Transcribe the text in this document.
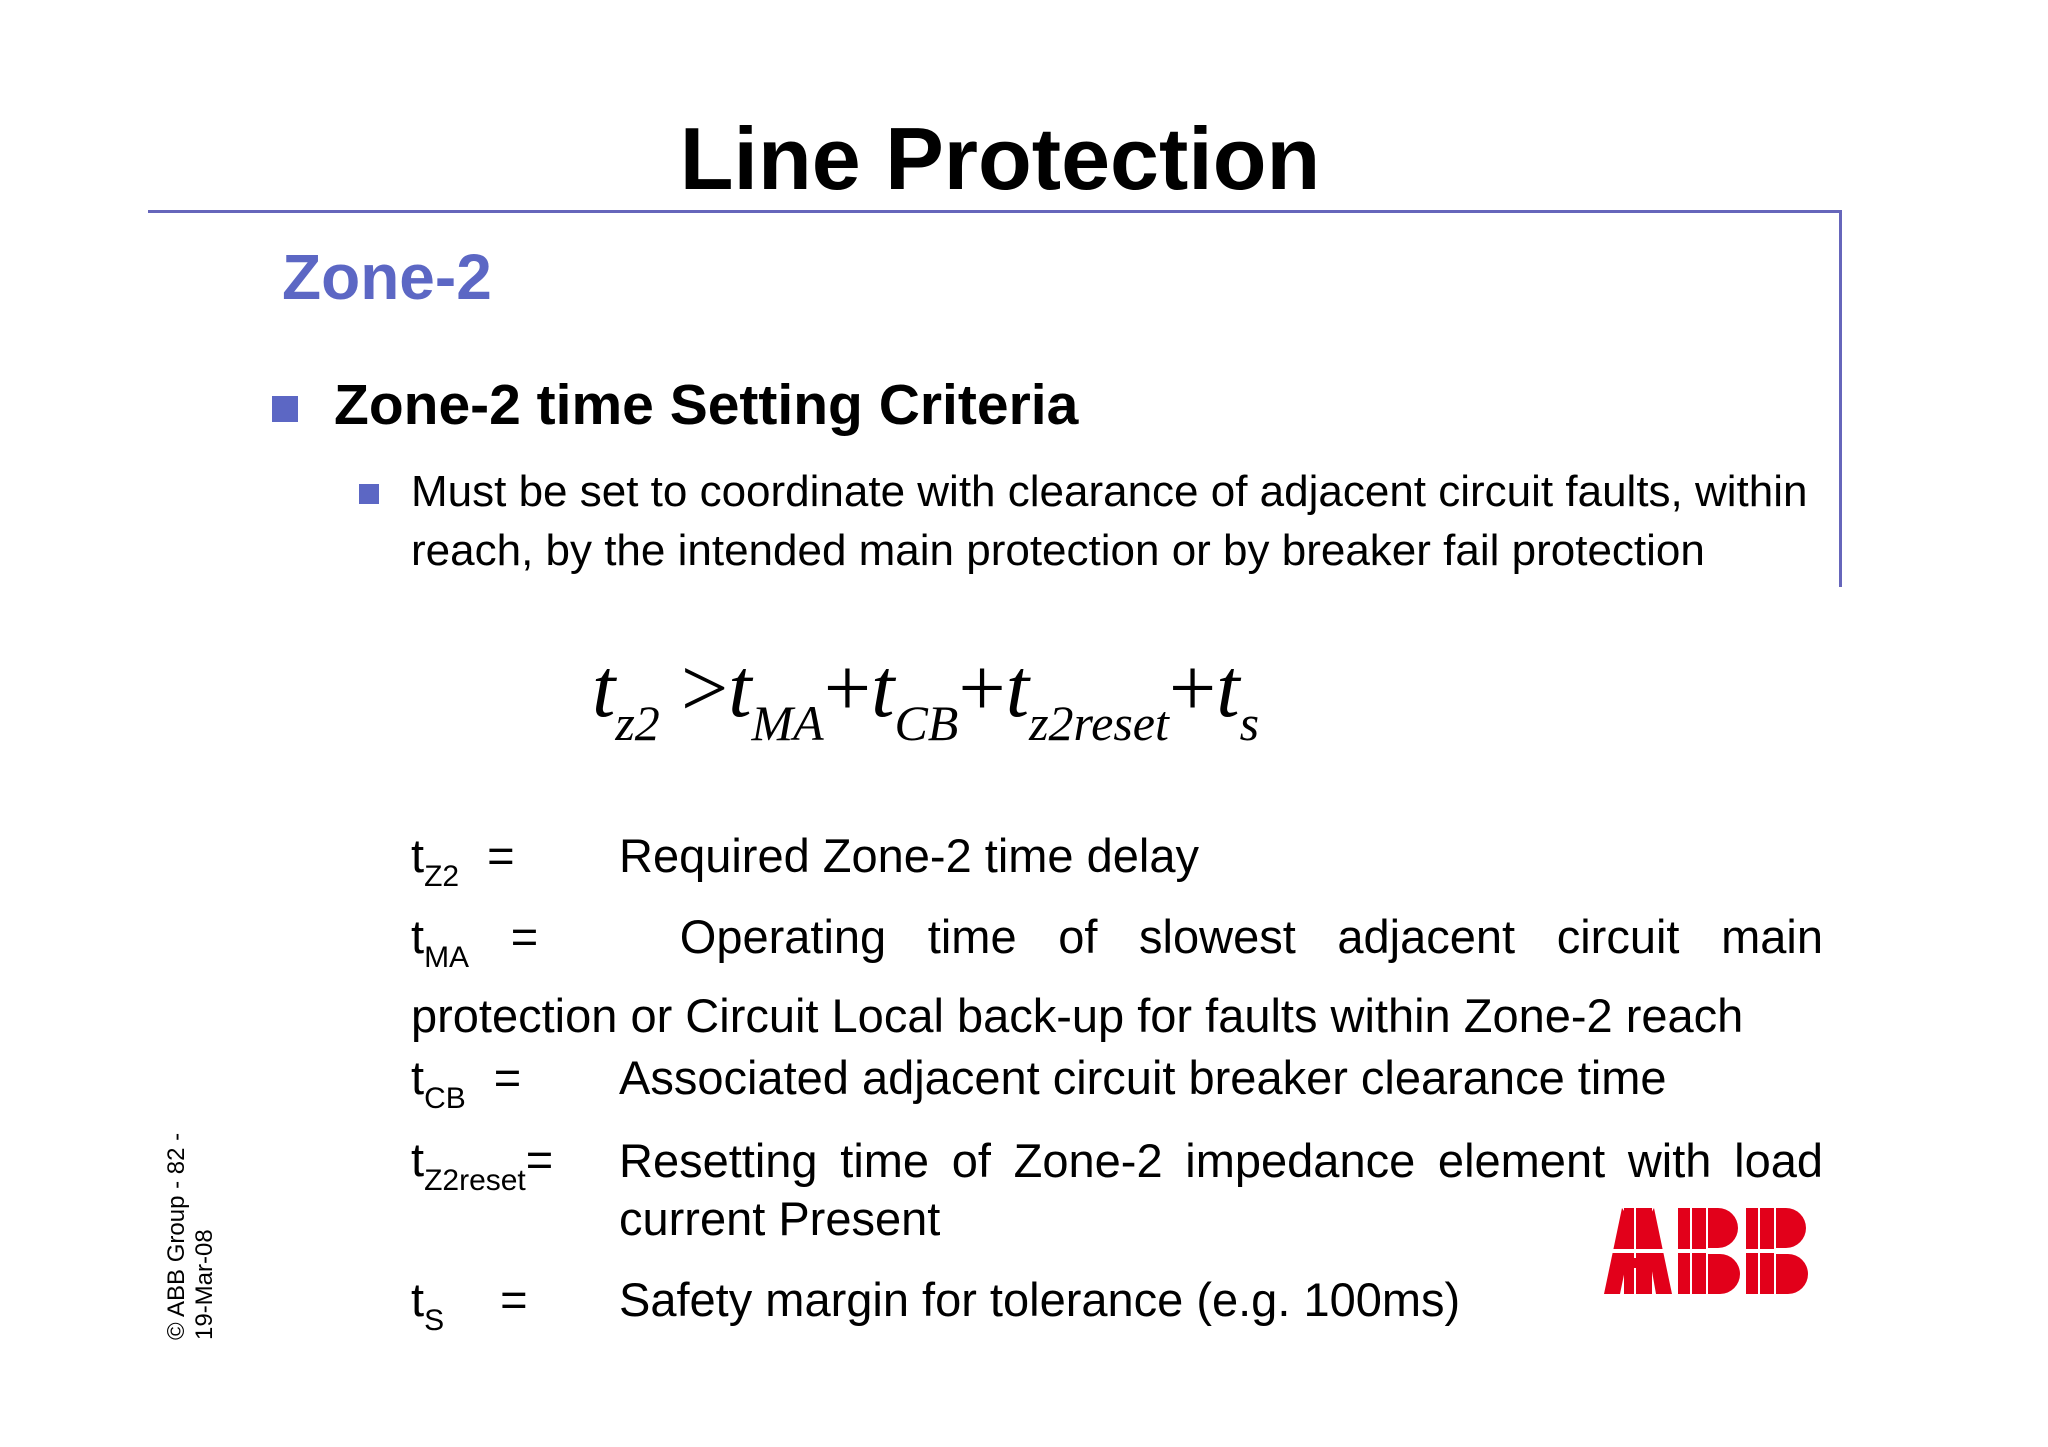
Line Protection
Zone-2
Zone-2 time Setting Criteria
Must be set to coordinate with clearance of adjacent circuit faults, within reach, by the intended main protection or by breaker fail protection
$t_{z2} >t_{MA}+t_{CB}+t_{z2reset}+t_s$
$t_{Z2}$ = Required Zone-2 time delay
$t_{MA}$ =	Operating time of slowest adjacent circuit main
protection or Circuit Local back-up for faults within Zone-2 reach
$t_{CB}$ = Associated adjacent circuit breaker clearance time
$t_{Z2reset}=$ Resetting time of Zone-2 impedance element with load
current Present
$t_S$ = Safety margin for tolerance (e.g. 100ms)
© ABB Group - 82 - 19-Mar-08
